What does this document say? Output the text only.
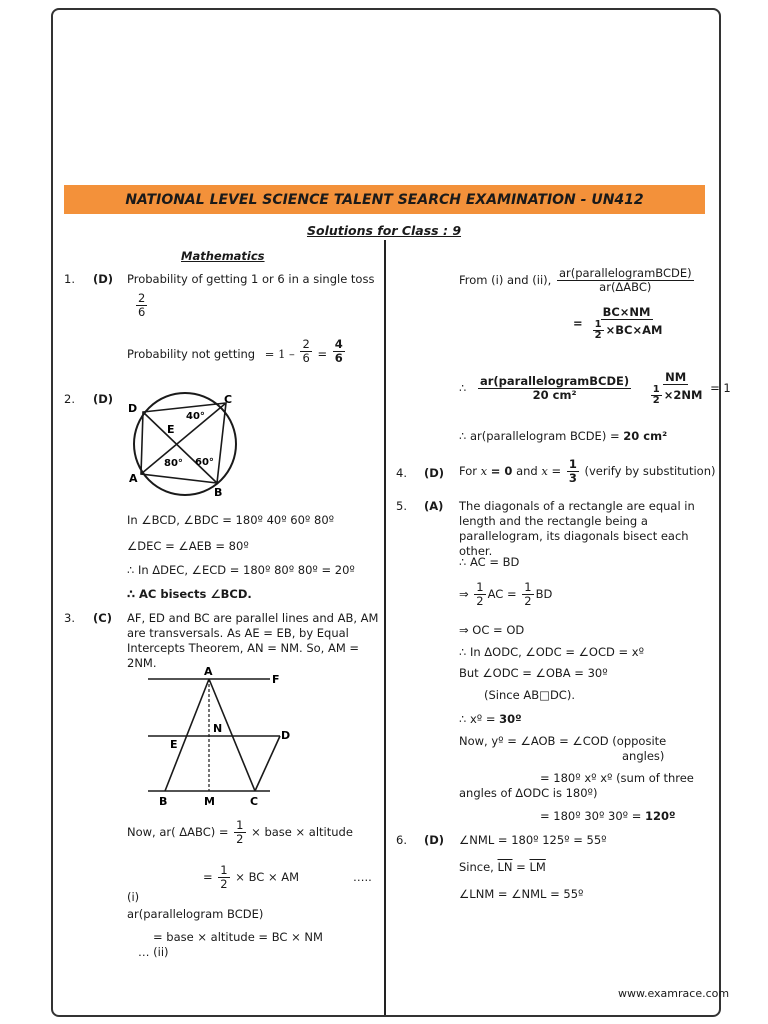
NATIONAL LEVEL SCIENCE TALENT SEARCH EXAMINATION - UN412
Solutions for Class : 9
Mathematics
1. (D) Probability of getting 1 or 6 in a single toss
$\frac{2}{6}$
Probability not getting = $1 - \frac{2}{6} = \frac{4}{6}$
2. (D)
D
C
E
A
B
40°
80° 60°
In ∠BCD, ∠BDC = 180º 40º 60º 80º
∠DEC = ∠AEB = 80º
∴ In ΔDEC, ∠ECD = 180º 80º 80º = 20º
∴ AC bisects ∠BCD.
3. (C) AF, ED and BC are parallel lines and AB, AM are transversals. As AE = EB, by Equal Intercepts Theorem, AN = NM. So, AM = 2NM.
A
F
E
N
D
B	M	C
Now, ar( $\Delta ABC) = \frac{1}{2}$ × base × altitude
= $\frac{1}{2}$ × BC × AM	…..
(i)
ar(parallelogram BCDE)
= base × altitude = BC × NM
… (ii)
From (i) and (ii), $\frac{\text{ar(parallelogramBCDE)}}{\text{ar(ΔABC)}}$
= $\frac{BC\times NM}{\frac{1}{2} \times BC\times AM}$
∴ $\frac{\text{ar(parallelogramBCDE)}}{\text{20 cm²}}$
$\frac{NM}{\frac{1}{2} \times 2NM} = 1$
∴ ar(parallelogram BCDE) = 20 cm²
4. (D) For x = 0 and $x = \frac{1}{3}$ (verify by substitution)
5. (A) The diagonals of a rectangle are equal in length and the rectangle being a parallelogram, its diagonals bisect each other.
∴ AC = BD
⇒ $\frac{1}{2}$ AC = $\frac{1}{2}$ BD
⇒ OC = OD
∴ In ΔODC, ∠ODC = ∠OCD = xº
But ∠ODC = ∠OBA = 30º
(Since AB□DC).
∴ xº = 30º
Now, yº = ∠AOB = ∠COD (opposite
angles)
= 180º xº xº (sum of three
angles of ΔODC is 180º)
= 180º 30º 30º = 120º
6. (D) ∠NML = 180º 125º = 55º
Since, $\overline{LN} = \overline{LM}$
∠LNM = ∠NML = 55º
www.examrace.com
